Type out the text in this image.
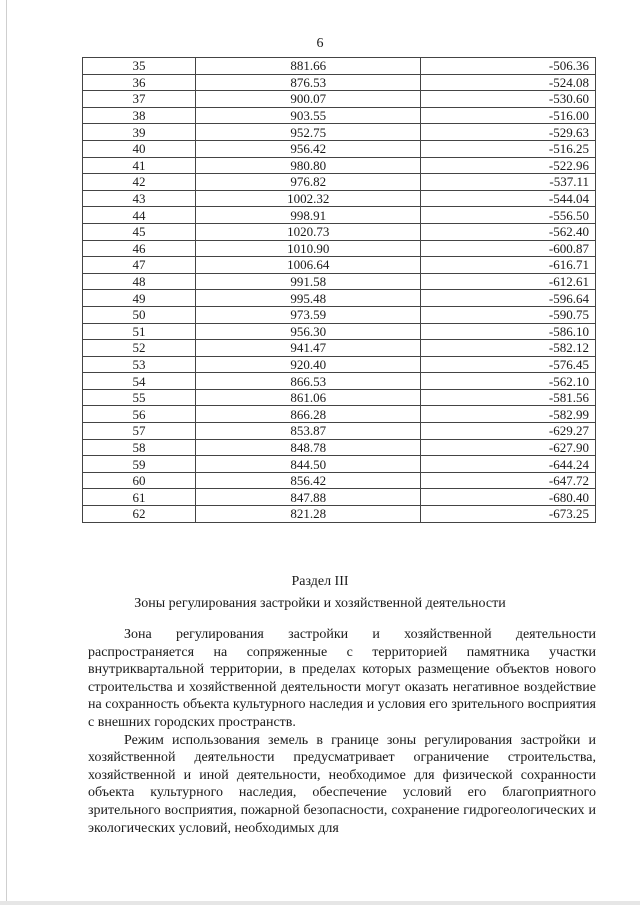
6
35	881.66	-506.36
36	876.53	-524.08
37	900.07	-530.60
38	903.55	-516.00
39	952.75	-529.63
40	956.42	-516.25
41	980.80	-522.96
42	976.82	-537.11
43	1002.32	-544.04
44	998.91	-556.50
45	1020.73	-562.40
46	1010.90	-600.87
47	1006.64	-616.71
48	991.58	-612.61
49	995.48	-596.64
50	973.59	-590.75
51	956.30	-586.10
52	941.47	-582.12
53	920.40	-576.45
54	866.53	-562.10
55	861.06	-581.56
56	866.28	-582.99
57	853.87	-629.27
58	848.78	-627.90
59	844.50	-644.24
60	856.42	-647.72
61	847.88	-680.40
62	821.28	-673.25
Раздел III
Зоны регулирования застройки и хозяйственной деятельности

Зона регулирования застройки и хозяйственной деятельности распространяется на сопряженные с территорией памятника участки внутриквартальной территории, в пределах которых размещение объектов нового строительства и хозяйственной деятельности могут оказать негативное воздействие на сохранность объекта культурного наследия и условия его зрительного восприятия с внешних городских пространств.

Режим использования земель в границе зоны регулирования застройки и хозяйственной деятельности предусматривает ограничение строительства, хозяйственной и иной деятельности, необходимое для физической сохранности объекта культурного наследия, обеспечение условий его благоприятного зрительного восприятия, пожарной безопасности, сохранение гидрогеологических и экологических условий, необходимых для
